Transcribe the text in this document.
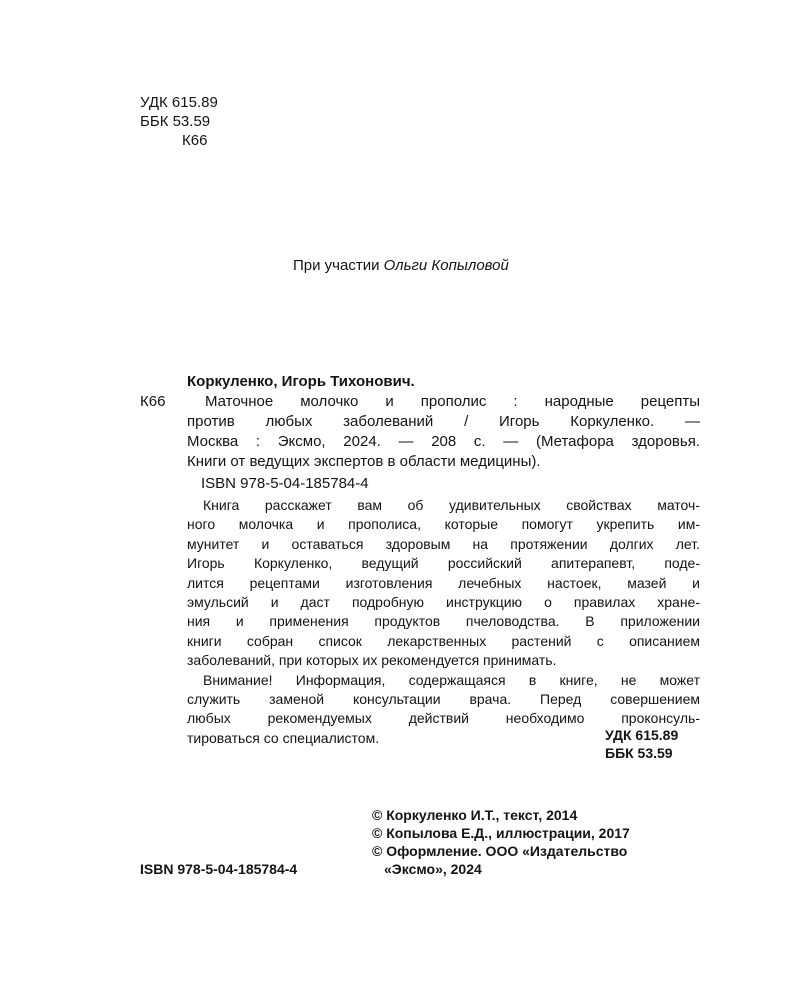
УДК 615.89
ББК 53.59
К66
При участии Ольги Копыловой
Коркуленко, Игорь Тихонович.
К66	Маточное молочко и прополис : народные рецепты
против любых заболеваний / Игорь Коркуленко. —
Москва : Эксмо, 2024. — 208 с. — (Метафора здоровья.
Книги от ведущих экспертов в области медицины).
ISBN 978-5-04-185784-4
Книга расскажет вам об удивительных свойствах маточ-
ного молочка и прополиса, которые помогут укрепить им-
мунитет и оставаться здоровым на протяжении долгих лет.
Игорь Коркуленко, ведущий российский апитерапевт, поде-
лится рецептами изготовления лечебных настоек, мазей и
эмульсий и даст подробную инструкцию о правилах хране-
ния и применения продуктов пчеловодства. В приложении
книги собран список лекарственных растений с описанием
заболеваний, при которых их рекомендуется принимать.
Внимание! Информация, содержащаяся в книге, не может
служить заменой консультации врача. Перед совершением
любых рекомендуемых действий необходимо проконсуль-
тироваться со специалистом.	УДК 615.89
ББК 53.59
ISBN 978-5-04-185784-4
© Коркуленко И.Т., текст, 2014
© Копылова Е.Д., иллюстрации, 2017
© Оформление. ООО «Издательство
«Эксмо», 2024
